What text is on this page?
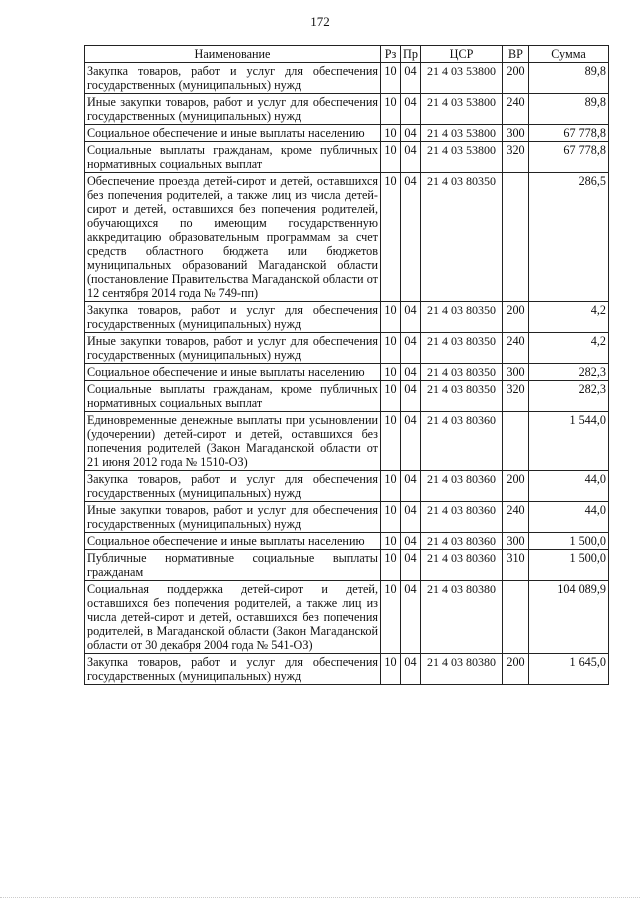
172
Наименование	Рз	Пр	ЦСР	ВР	Сумма
Закупка товаров, работ и услуг для обеспечения государственных (муниципальных) нужд	10	04	21 4 03 53800	200	89,8
Иные закупки товаров, работ и услуг для обеспечения государственных (муниципальных) нужд	10	04	21 4 03 53800	240	89,8
Социальное обеспечение и иные выплаты населению	10	04	21 4 03 53800	300	67 778,8
Социальные выплаты гражданам, кроме публичных нормативных социальных выплат	10	04	21 4 03 53800	320	67 778,8
Обеспечение проезда детей-сирот и детей, оставшихся без попечения родителей, а также лиц из числа детей-сирот и детей, оставшихся без попечения родителей, обучающихся по имеющим государственную аккредитацию образовательным программам за счет средств областного бюджета или бюджетов муниципальных образований Магаданской области (постановление Правительства Магаданской области от 12 сентября 2014 года № 749-пп)	10	04	21 4 03 80350		286,5
Закупка товаров, работ и услуг для обеспечения государственных (муниципальных) нужд	10	04	21 4 03 80350	200	4,2
Иные закупки товаров, работ и услуг для обеспечения государственных (муниципальных) нужд	10	04	21 4 03 80350	240	4,2
Социальное обеспечение и иные выплаты населению	10	04	21 4 03 80350	300	282,3
Социальные выплаты гражданам, кроме публичных нормативных социальных выплат	10	04	21 4 03 80350	320	282,3
Единовременные денежные выплаты при усыновлении (удочерении) детей-сирот и детей, оставшихся без попечения родителей (Закон Магаданской области от 21 июня 2012 года № 1510-ОЗ)	10	04	21 4 03 80360		1 544,0
Закупка товаров, работ и услуг для обеспечения государственных (муниципальных) нужд	10	04	21 4 03 80360	200	44,0
Иные закупки товаров, работ и услуг для обеспечения государственных (муниципальных) нужд	10	04	21 4 03 80360	240	44,0
Социальное обеспечение и иные выплаты населению	10	04	21 4 03 80360	300	1 500,0
Публичные нормативные социальные выплаты гражданам	10	04	21 4 03 80360	310	1 500,0
Социальная поддержка детей-сирот и детей, оставшихся без попечения родителей, а также лиц из числа детей-сирот и детей, оставшихся без попечения родителей, в Магаданской области (Закон Магаданской области от 30 декабря 2004 года № 541-ОЗ)	10	04	21 4 03 80380		104 089,9
Закупка товаров, работ и услуг для обеспечения государственных (муниципальных) нужд	10	04	21 4 03 80380	200	1 645,0
